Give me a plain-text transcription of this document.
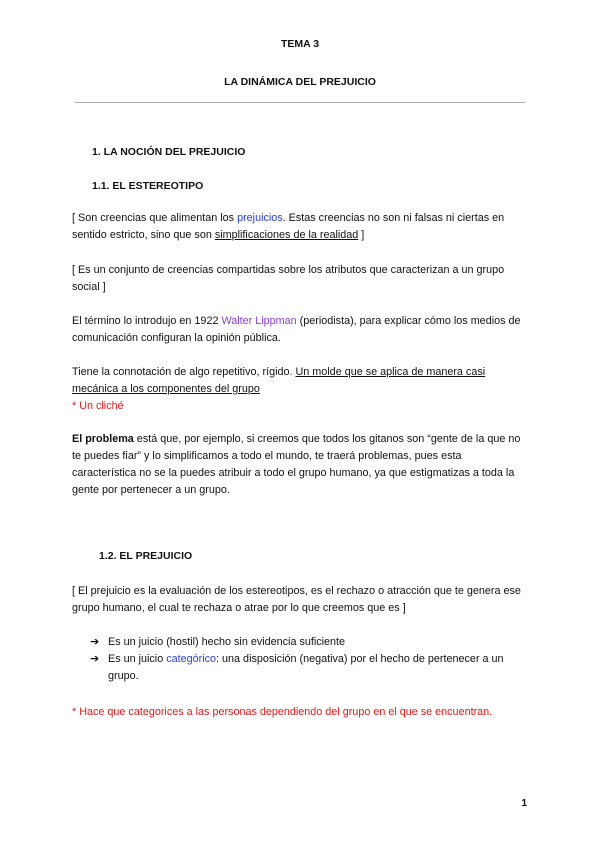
TEMA 3
LA DINÁMICA DEL PREJUICIO
1. LA NOCIÓN DEL PREJUICIO
1.1. EL ESTEREOTIPO
[ Son creencias que alimentan los prejuicios. Estas creencias no son ni falsas ni ciertas en sentido estricto, sino que son simplificaciones de la realidad ]
[ Es un conjunto de creencias compartidas sobre los atributos que caracterizan a un grupo social ]
El término lo introdujo en 1922 Walter Lippman (periodista), para explicar cómo los medios de comunicación configuran la opinión pública.
Tiene la connotación de algo repetitivo, rígido. Un molde que se aplica de manera casi mecánica a los componentes del grupo
* Un cliché
El problema está que, por ejemplo, si creemos que todos los gitanos son “gente de la que no te puedes fiar” y lo simplificamos a todo el mundo, te traerá problemas, pues esta característica no se la puedes atribuir a todo el grupo humano, ya que estigmatizas a toda la gente por pertenecer a un grupo.
1.2. EL PREJUICIO
[ El prejuicio es la evaluación de los estereotipos, es el rechazo o atracción que te genera ese grupo humano, el cual te rechaza o atrae por lo que creemos que es ]
➔ Es un juicio (hostil) hecho sin evidencia suficiente
➔ Es un juicio categórico: una disposición (negativa) por el hecho de pertenecer a un grupo.
* Hace que categorices a las personas dependiendo del grupo en el que se encuentran.
1
